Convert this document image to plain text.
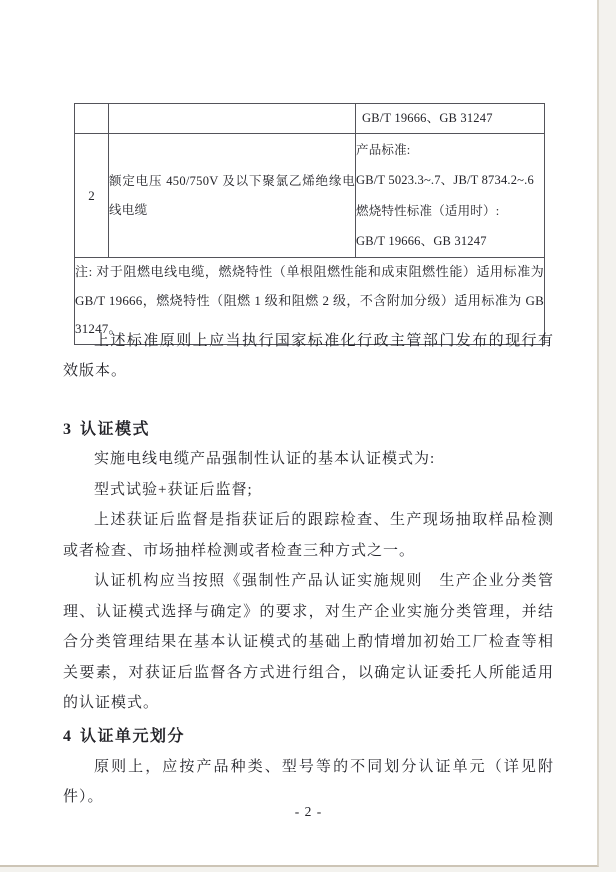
		GB/T 19666、GB 31247

2	额定电压 450/750V 及以下聚氯乙烯绝缘电线电缆	产品标准:
GB/T 5023.3~.7、JB/T 8734.2~.6
燃烧特性标准（适用时）:
GB/T 19666、GB 31247

注: 对于阻燃电线电缆，燃烧特性（单根阻燃性能和成束阻燃性能）适用标准为 GB/T 19666，燃烧特性（阻燃 1 级和阻燃 2 级，不含附加分级）适用标准为 GB 31247。		

上述标准原则上应当执行国家标准化行政主管部门发布的现行有效版本。

3 认证模式

实施电线电缆产品强制性认证的基本认证模式为:

型式试验+获证后监督;

上述获证后监督是指获证后的跟踪检查、生产现场抽取样品检测或者检查、市场抽样检测或者检查三种方式之一。

认证机构应当按照《强制性产品认证实施规则　生产企业分类管理、认证模式选择与确定》的要求，对生产企业实施分类管理，并结合分类管理结果在基本认证模式的基础上酌情增加初始工厂检查等相关要素，对获证后监督各方式进行组合，以确定认证委托人所能适用的认证模式。

4 认证单元划分

原则上，应按产品种类、型号等的不同划分认证单元（详见附件）。

- 2 -
